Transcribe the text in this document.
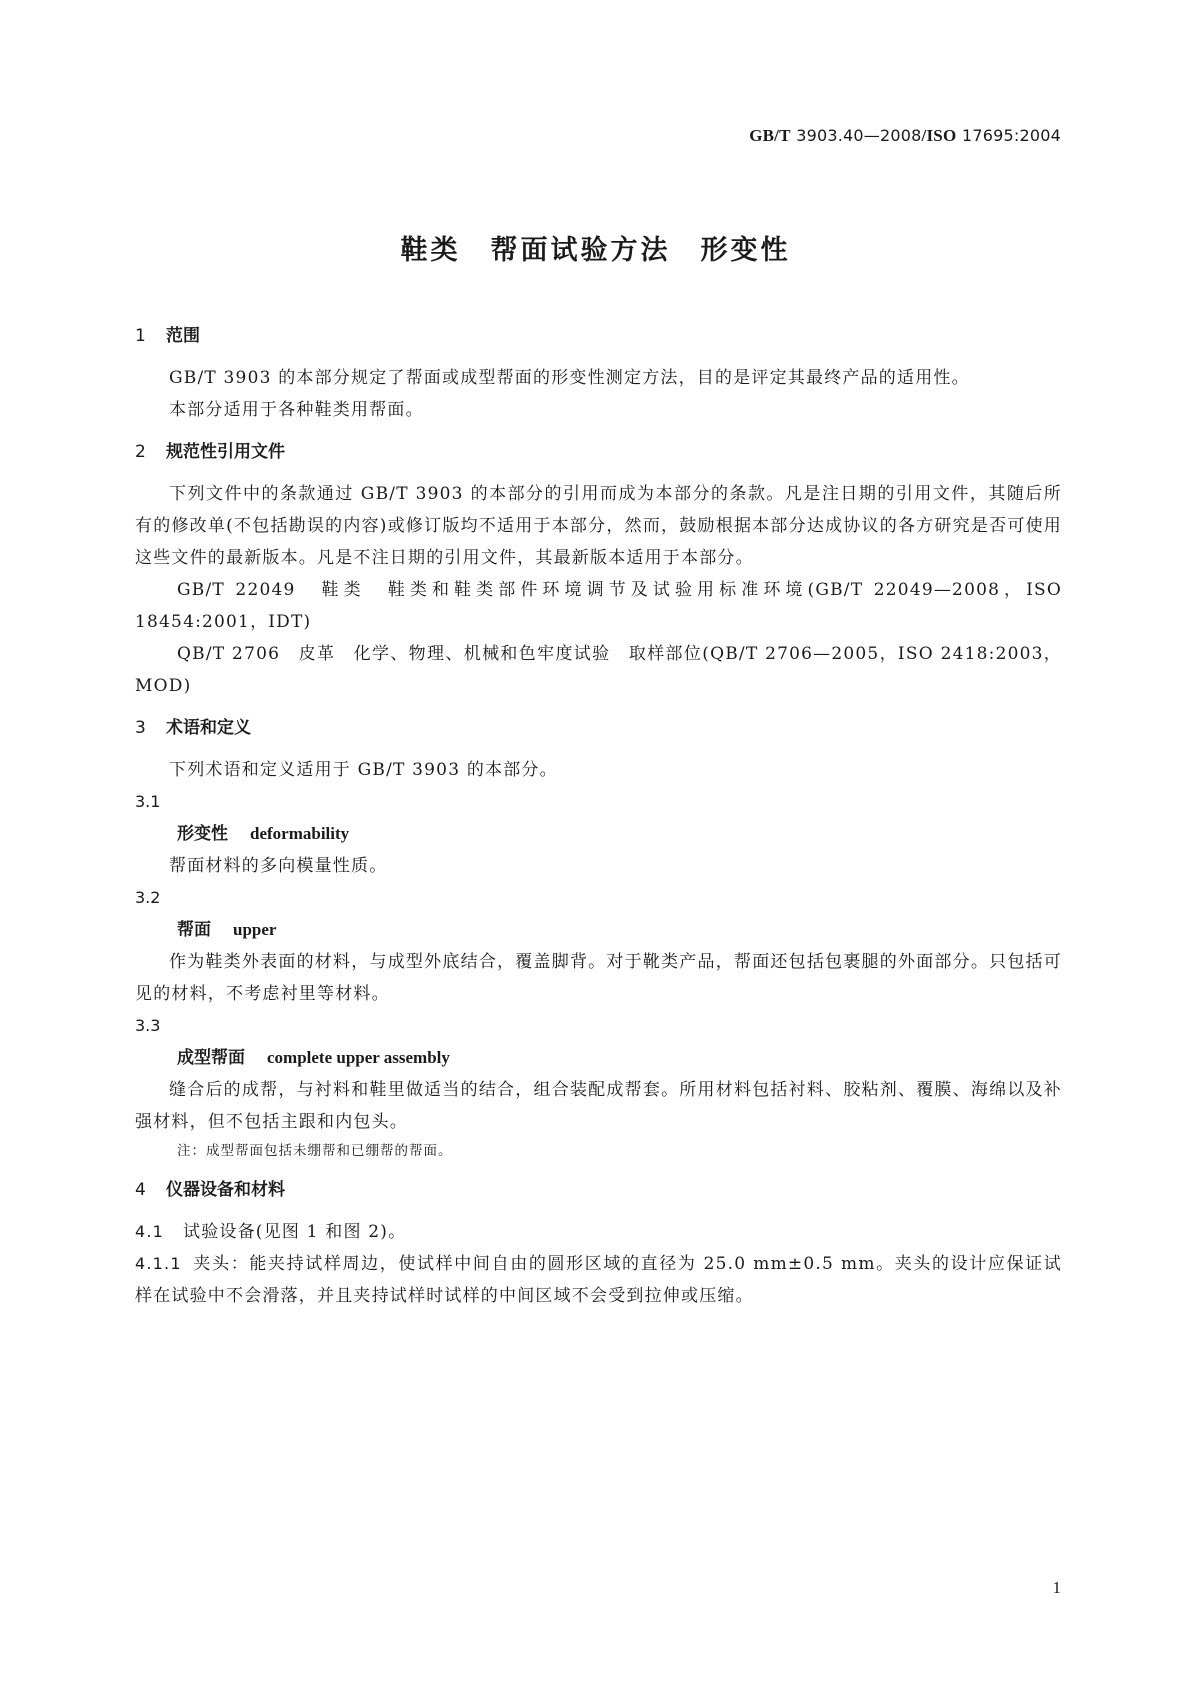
GB/T 3903.40—2008/ISO 17695:2004
鞋类 帮面试验方法 形变性
1 范围

GB/T 3903 的本部分规定了帮面或成型帮面的形变性测定方法，目的是评定其最终产品的适用性。

本部分适用于各种鞋类用帮面。

2 规范性引用文件

下列文件中的条款通过 GB/T 3903 的本部分的引用而成为本部分的条款。凡是注日期的引用文件，其随后所有的修改单(不包括勘误的内容)或修订版均不适用于本部分，然而，鼓励根据本部分达成协议的各方研究是否可使用这些文件的最新版本。凡是不注日期的引用文件，其最新版本适用于本部分。

GB/T 22049　鞋类　鞋类和鞋类部件环境调节及试验用标准环境(GB/T 22049—2008，ISO 18454:2001，IDT)

QB/T 2706　皮革　化学、物理、机械和色牢度试验　取样部位(QB/T 2706—2005，ISO 2418:2003，MOD)

3 术语和定义

下列术语和定义适用于 GB/T 3903 的本部分。

3.1

形变性 deformability

帮面材料的多向模量性质。

3.2

帮面 upper

作为鞋类外表面的材料，与成型外底结合，覆盖脚背。对于靴类产品，帮面还包括包裹腿的外面部分。只包括可见的材料，不考虑衬里等材料。

3.3

成型帮面 complete upper assembly

缝合后的成帮，与衬料和鞋里做适当的结合，组合装配成帮套。所用材料包括衬料、胶粘剂、覆膜、海绵以及补强材料，但不包括主跟和内包头。

注：成型帮面包括未绷帮和已绷帮的帮面。

4 仪器设备和材料

4.1 试验设备(见图 1 和图 2)。

4.1.1 夹头：能夹持试样周边，使试样中间自由的圆形区域的直径为 25.0 mm±0.5 mm。夹头的设计应保证试样在试验中不会滑落，并且夹持试样时试样的中间区域不会受到拉伸或压缩。

1
